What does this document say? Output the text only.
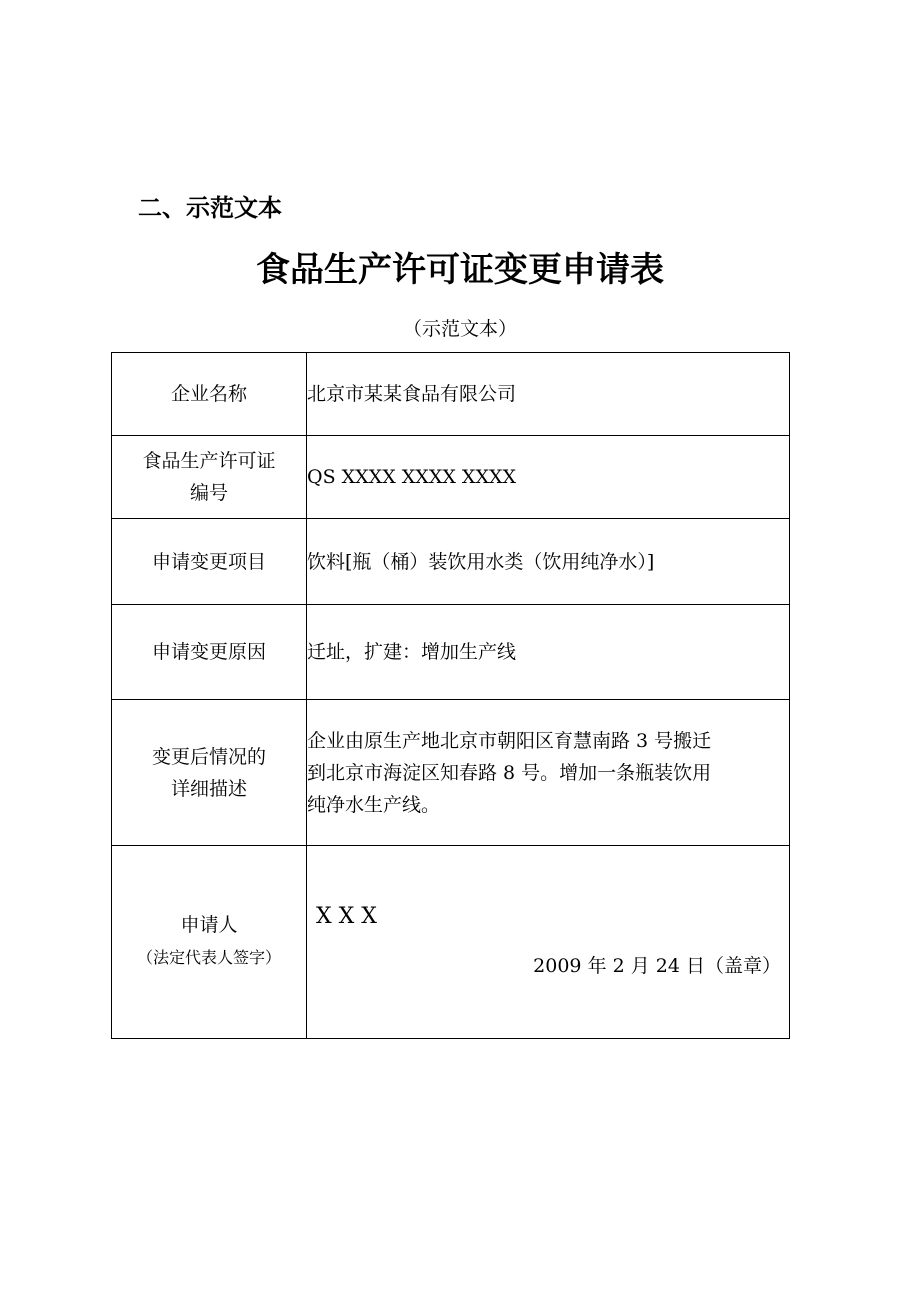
二、示范文本
食品生产许可证变更申请表

（示范文本）

企业名称	北京市某某食品有限公司
食品生产许可证
编号	QS XXXX XXXX XXXX
申请变更项目	饮料[瓶（桶）装饮用水类（饮用纯净水）]
申请变更原因	迁址，扩建：增加生产线
变更后情况的
详细描述	企业由原生产地北京市朝阳区育慧南路 3 号搬迁
到北京市海淀区知春路 8 号。增加一条瓶装饮用
纯净水生产线。
申请人
（法定代表人签字）	X X X
2009 年 2 月 24 日（盖章）
